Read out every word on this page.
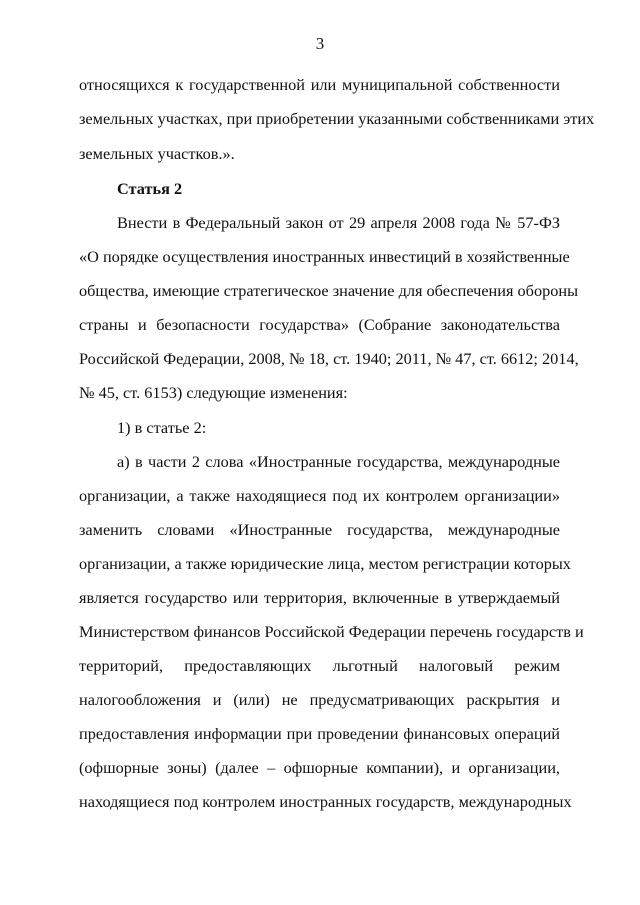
3
относящихся к государственной или муниципальной собственности
земельных участках, при приобретении указанными собственниками этих
земельных участков.».
Статья 2
Внести в Федеральный закон от 29 апреля 2008 года № 57-ФЗ
«О порядке осуществления иностранных инвестиций в хозяйственные
общества, имеющие стратегическое значение для обеспечения обороны
страны и безопасности государства» (Собрание законодательства
Российской Федерации, 2008, № 18, ст. 1940; 2011, № 47, ст. 6612; 2014,
№ 45, ст. 6153) следующие изменения:
1) в статье 2:
а) в части 2 слова «Иностранные государства, международные
организации, а также находящиеся под их контролем организации»
заменить словами «Иностранные государства, международные
организации, а также юридические лица, местом регистрации которых
является государство или территория, включенные в утверждаемый
Министерством финансов Российской Федерации перечень государств и
территорий, предоставляющих льготный налоговый режим
налогообложения и (или) не предусматривающих раскрытия и
предоставления информации при проведении финансовых операций
(офшорные зоны) (далее – офшорные компании), и организации,
находящиеся под контролем иностранных государств, международных
